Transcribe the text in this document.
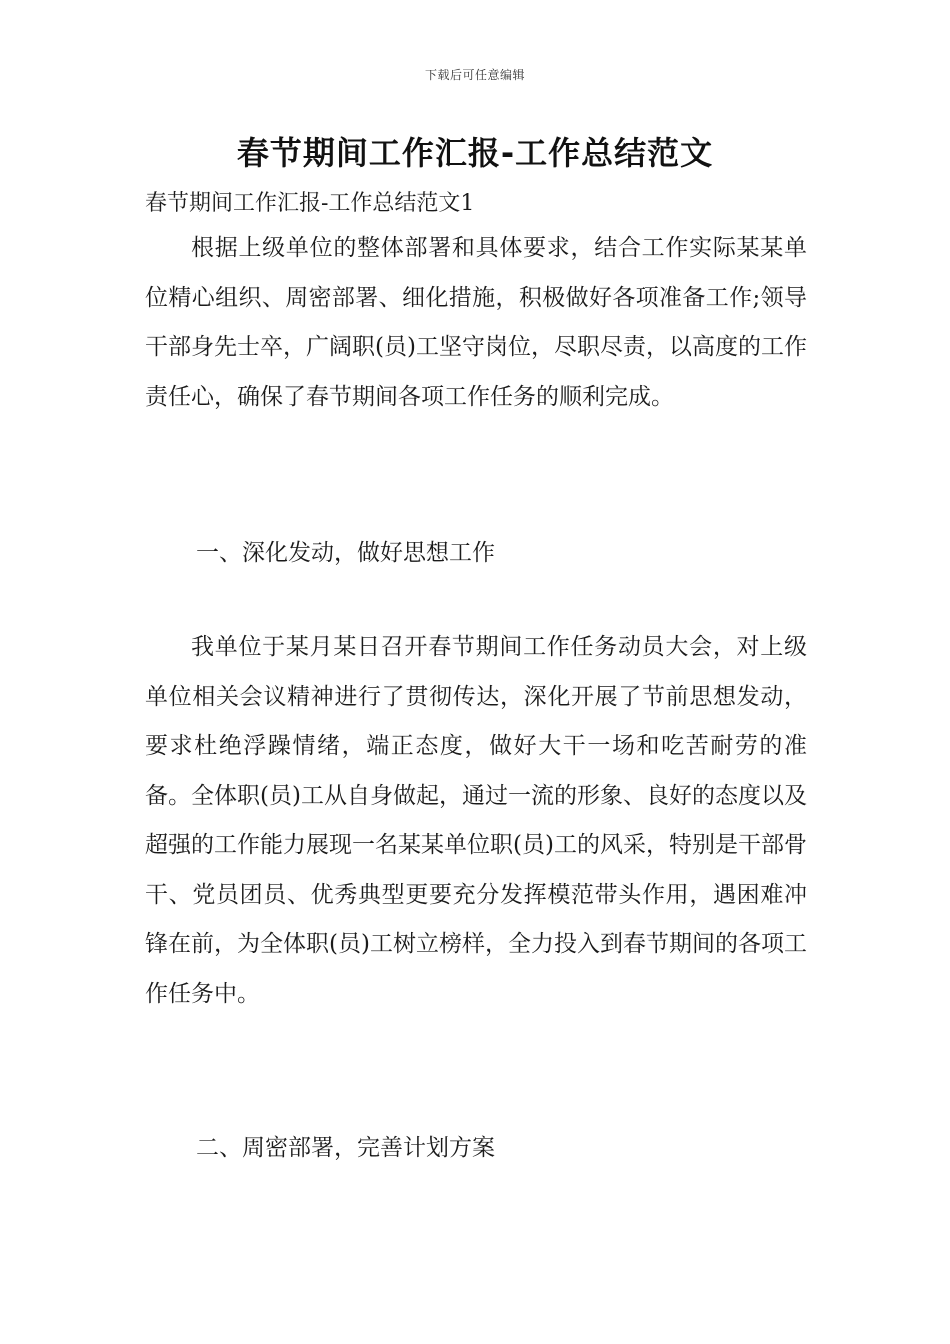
下载后可任意编辑
春节期间工作汇报-工作总结范文
春节期间工作汇报-工作总结范文1

根据上级单位的整体部署和具体要求，结合工作实际某某单位精心组织、周密部署、细化措施，积极做好各项准备工作;领导干部身先士卒，广阔职(员)工坚守岗位，尽职尽责，以高度的工作责任心，确保了春节期间各项工作任务的顺利完成。

一、深化发动，做好思想工作

我单位于某月某日召开春节期间工作任务动员大会，对上级单位相关会议精神进行了贯彻传达，深化开展了节前思想发动，要求杜绝浮躁情绪，端正态度，做好大干一场和吃苦耐劳的准备。全体职(员)工从自身做起，通过一流的形象、良好的态度以及超强的工作能力展现一名某某单位职(员)工的风采，特别是干部骨干、党员团员、优秀典型更要充分发挥模范带头作用，遇困难冲锋在前，为全体职(员)工树立榜样，全力投入到春节期间的各项工作任务中。

二、周密部署，完善计划方案
